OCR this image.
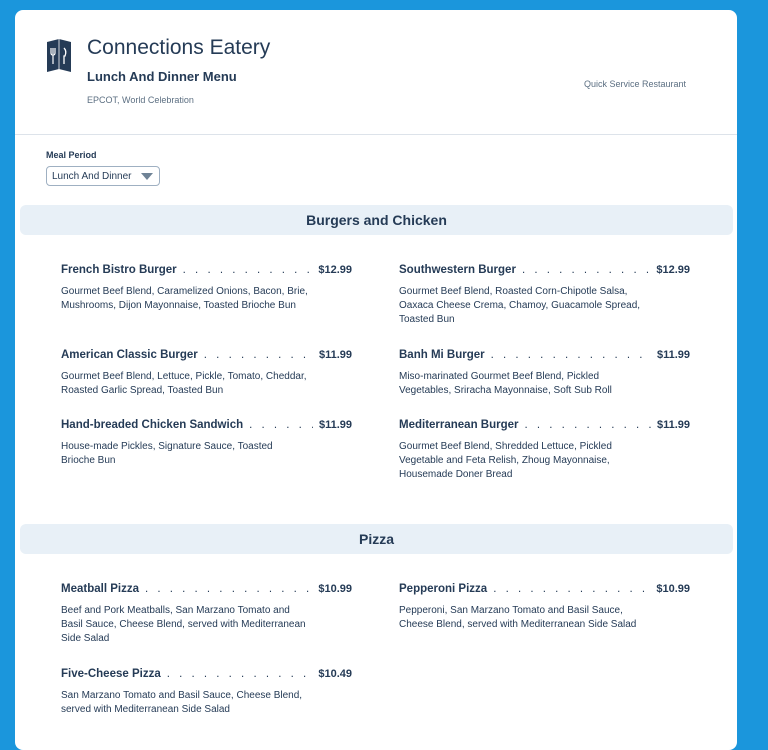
Connections Eatery
Lunch And Dinner Menu
EPCOT, World Celebration
Quick Service Restaurant
Meal Period
Lunch And Dinner
Burgers and Chicken
French Bistro Burger . . .	$12.99
Gourmet Beef Blend, Caramelized Onions, Bacon, Brie, Mushrooms, Dijon Mayonnaise, Toasted Brioche Bun
Southwestern Burger . . .	$12.99
Gourmet Beef Blend, Roasted Corn-Chipotle Salsa, Oaxaca Cheese Crema, Chamoy, Guacamole Spread, Toasted Bun
American Classic Burger . . .	$11.99
Gourmet Beef Blend, Lettuce, Pickle, Tomato, Cheddar, Roasted Garlic Spread, Toasted Bun
Banh Mi Burger . . .	$11.99
Miso-marinated Gourmet Beef Blend, Pickled Vegetables, Sriracha Mayonnaise, Soft Sub Roll
Hand-breaded Chicken Sandwich . . .	$11.99
House-made Pickles, Signature Sauce, Toasted Brioche Bun
Mediterranean Burger . . .	$11.99
Gourmet Beef Blend, Shredded Lettuce, Pickled Vegetable and Feta Relish, Zhoug Mayonnaise, Housemade Doner Bread
Pizza
Meatball Pizza . . .	$10.99
Beef and Pork Meatballs, San Marzano Tomato and Basil Sauce, Cheese Blend, served with Mediterranean Side Salad
Pepperoni Pizza . . .	$10.99
Pepperoni, San Marzano Tomato and Basil Sauce, Cheese Blend, served with Mediterranean Side Salad
Five-Cheese Pizza . . .	$10.49
San Marzano Tomato and Basil Sauce, Cheese Blend, served with Mediterranean Side Salad
